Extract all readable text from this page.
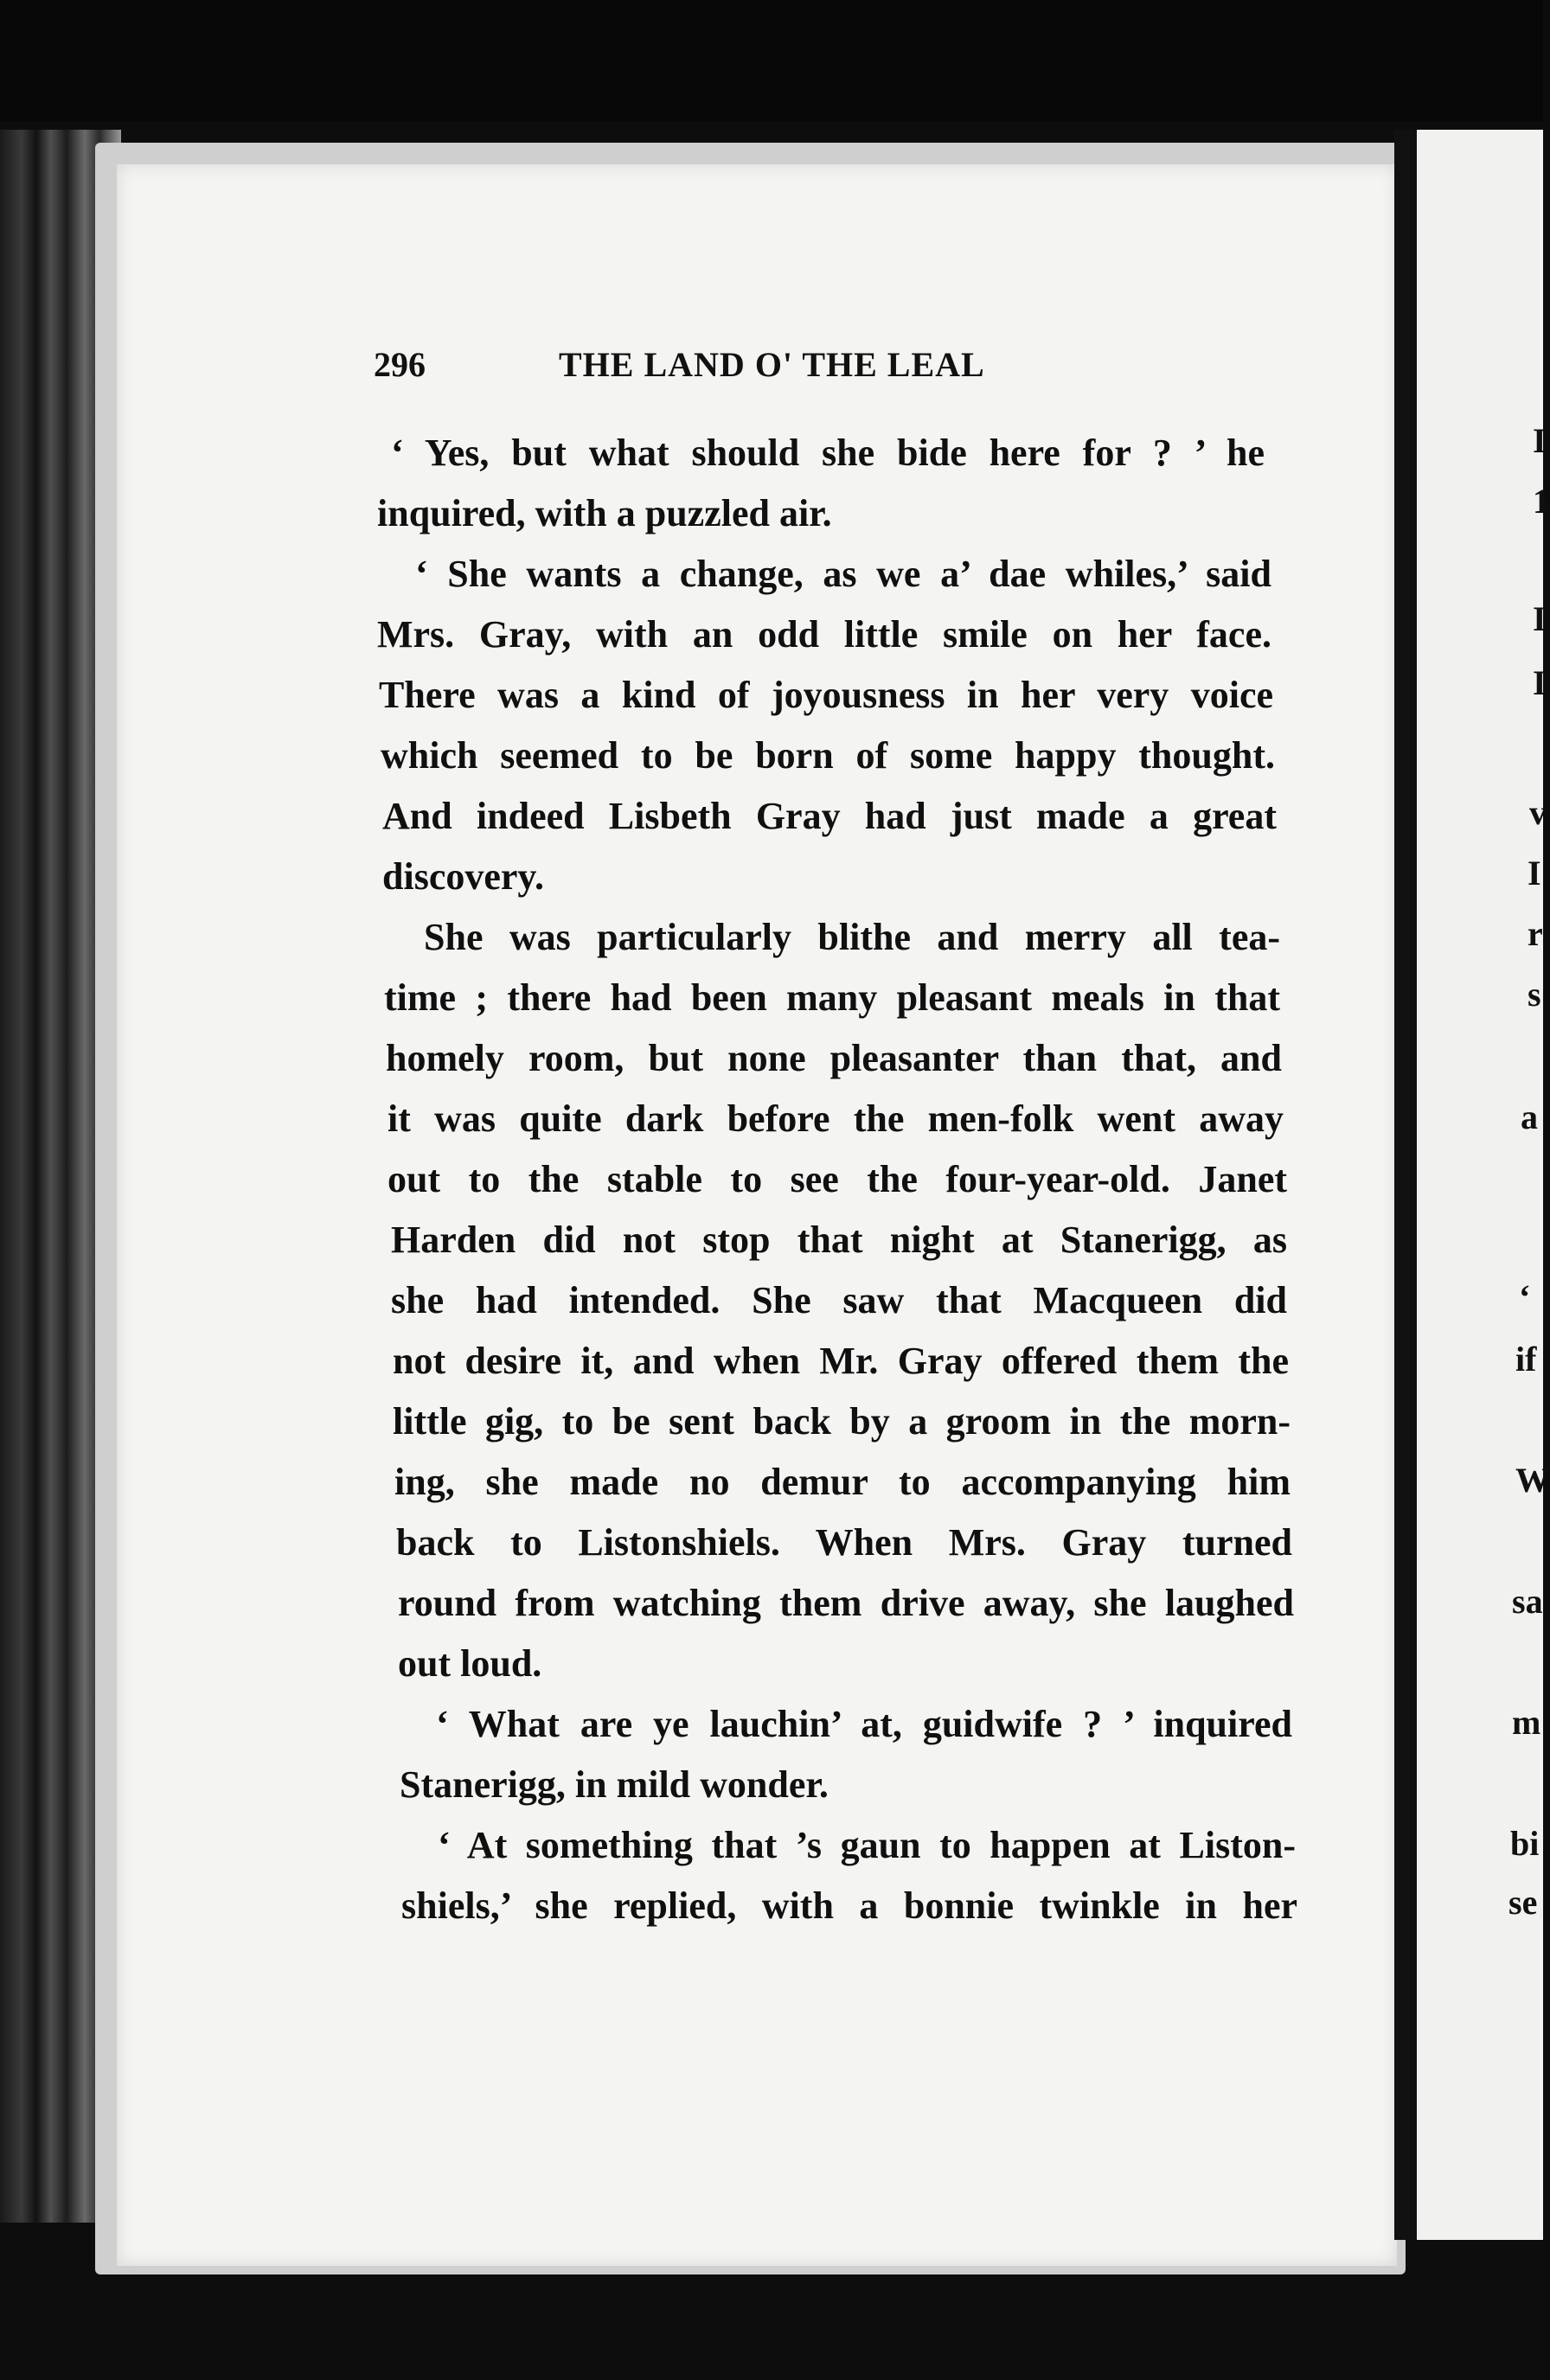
296	THE LAND O' THE LEAL
‘ Yes, but what should she bide here for ? ’ he
inquired, with a puzzled air.
‘ She wants a change, as we a’ dae whiles,’ said
Mrs. Gray, with an odd little smile on her face.
There was a kind of joyousness in her very voice
which seemed to be born of some happy thought.
And indeed Lisbeth Gray had just made a great
discovery.
She was particularly blithe and merry all tea-
time ; there had been many pleasant meals in that
homely room, but none pleasanter than that, and
it was quite dark before the men-folk went away
out to the stable to see the four-year-old. Janet
Harden did not stop that night at Stanerigg, as
she had intended. She saw that Macqueen did
not desire it, and when Mr. Gray offered them the
little gig, to be sent back by a groom in the morn-
ing, she made no demur to accompanying him
back to Listonshiels. When Mrs. Gray turned
round from watching them drive away, she laughed
out loud.
‘ What are ye lauchin’ at, guidwife ? ’ inquired
Stanerigg, in mild wonder.
‘ At something that ’s gaun to happen at Liston-
shiels,’ she replied, with a bonnie twinkle in her
I
1
I
I
v
I
r
s
a
‘
if
W
sa
m
bi
se
